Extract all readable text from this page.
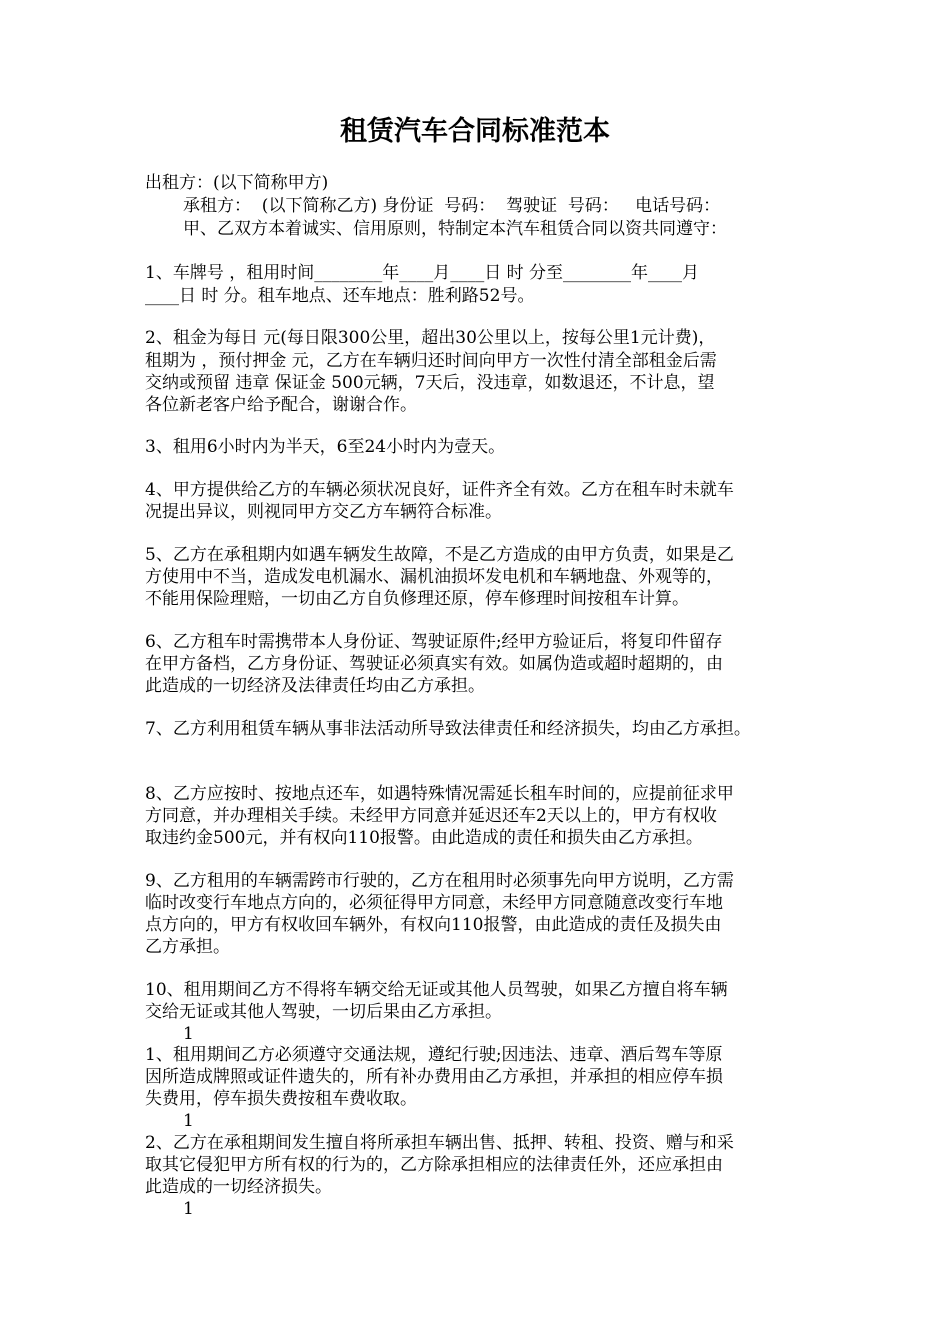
租赁汽车合同标准范本
出租方：(以下简称甲方)
承租方：  (以下简称乙方) 身份证  号码：  驾驶证  号码：   电话号码：
甲、乙双方本着诚实、信用原则，特制定本汽车租赁合同以资共同遵守：
1、车牌号 ，租用时间________年____月____日 时 分至________年____月
____日 时 分。租车地点、还车地点：胜利路52号。
2、租金为每日 元(每日限300公里，超出30公里以上，按每公里1元计费)，
租期为 ，预付押金 元，乙方在车辆归还时间向甲方一次性付清全部租金后需
交纳或预留 违章 保证金 500元辆，7天后，没违章，如数退还，不计息，望
各位新老客户给予配合，谢谢合作。
3、租用6小时内为半天，6至24小时内为壹天。
4、甲方提供给乙方的车辆必须状况良好，证件齐全有效。乙方在租车时未就车
况提出异议，则视同甲方交乙方车辆符合标准。
5、乙方在承租期内如遇车辆发生故障，不是乙方造成的由甲方负责，如果是乙
方使用中不当，造成发电机漏水、漏机油损坏发电机和车辆地盘、外观等的，
不能用保险理赔，一切由乙方自负修理还原，停车修理时间按租车计算。
6、乙方租车时需携带本人身份证、驾驶证原件;经甲方验证后，将复印件留存
在甲方备档，乙方身份证、驾驶证必须真实有效。如属伪造或超时超期的，由
此造成的一切经济及法律责任均由乙方承担。
7、乙方利用租赁车辆从事非法活动所导致法律责任和经济损失，均由乙方承担。
8、乙方应按时、按地点还车，如遇特殊情况需延长租车时间的，应提前征求甲
方同意，并办理相关手续。未经甲方同意并延迟还车2天以上的，甲方有权收
取违约金500元，并有权向110报警。由此造成的责任和损失由乙方承担。
9、乙方租用的车辆需跨市行驶的，乙方在租用时必须事先向甲方说明，乙方需
临时改变行车地点方向的，必须征得甲方同意，未经甲方同意随意改变行车地
点方向的，甲方有权收回车辆外，有权向110报警，由此造成的责任及损失由
乙方承担。
10、租用期间乙方不得将车辆交给无证或其他人员驾驶，如果乙方擅自将车辆
交给无证或其他人驾驶，一切后果由乙方承担。
1
1、租用期间乙方必须遵守交通法规，遵纪行驶;因违法、违章、酒后驾车等原
因所造成牌照或证件遗失的，所有补办费用由乙方承担，并承担的相应停车损
失费用，停车损失费按租车费收取。
1
2、乙方在承租期间发生擅自将所承担车辆出售、抵押、转租、投资、赠与和采
取其它侵犯甲方所有权的行为的，乙方除承担相应的法律责任外，还应承担由
此造成的一切经济损失。
1
